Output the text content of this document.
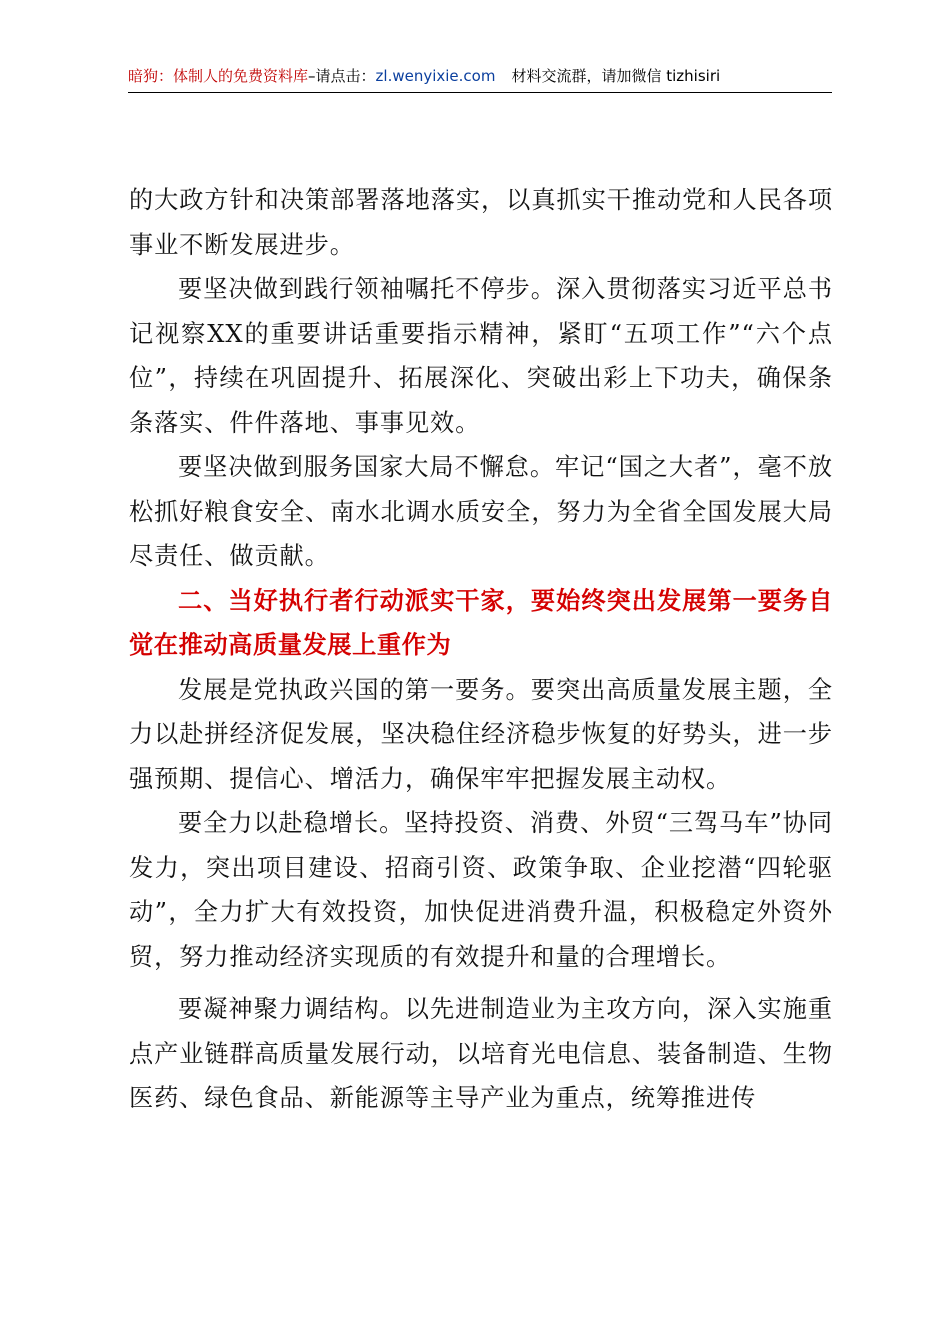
暗狗：体制人的免费资料库–请点击：zl.wenyixie.com 材料交流群，请加微信 tizhisiri

的大政方针和决策部署落地落实，以真抓实干推动党和人民各项事业不断发展进步。

要坚决做到践行领袖嘱托不停步。深入贯彻落实习近平总书记视察XX的重要讲话重要指示精神，紧盯“五项工作”“六个点位”，持续在巩固提升、拓展深化、突破出彩上下功夫，确保条条落实、件件落地、事事见效。

要坚决做到服务国家大局不懈怠。牢记“国之大者”，毫不放松抓好粮食安全、南水北调水质安全，努力为全省全国发展大局尽责任、做贡献。

二、当好执行者行动派实干家，要始终突出发展第一要务自觉在推动高质量发展上重作为

发展是党执政兴国的第一要务。要突出高质量发展主题，全力以赴拼经济促发展，坚决稳住经济稳步恢复的好势头，进一步强预期、提信心、增活力，确保牢牢把握发展主动权。

要全力以赴稳增长。坚持投资、消费、外贸“三驾马车”协同发力，突出项目建设、招商引资、政策争取、企业挖潜“四轮驱动”，全力扩大有效投资，加快促进消费升温，积极稳定外资外贸，努力推动经济实现质的有效提升和量的合理增长。

要凝神聚力调结构。以先进制造业为主攻方向，深入实施重点产业链群高质量发展行动，以培育光电信息、装备制造、生物医药、绿色食品、新能源等主导产业为重点，统筹推进传
